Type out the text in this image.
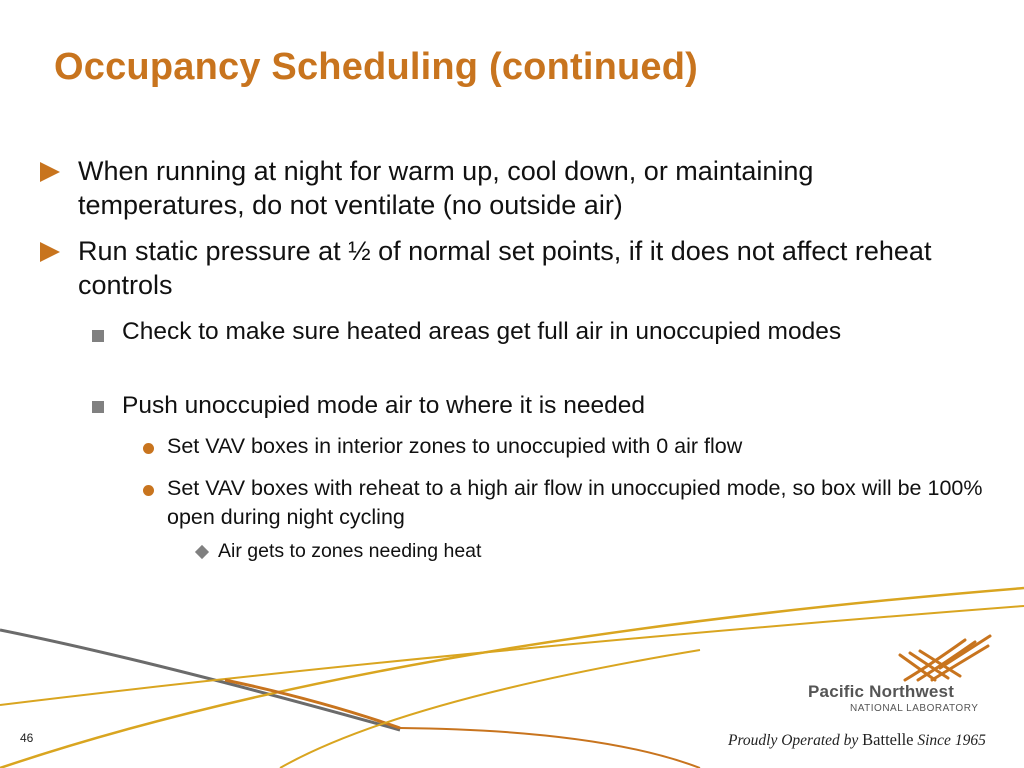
Occupancy Scheduling (continued)
When running at night for warm up, cool down, or maintaining temperatures, do not ventilate (no outside air)
Run static pressure at ½ of normal set points, if it does not affect reheat controls
Check to make sure heated areas get full air in unoccupied modes
Push unoccupied mode air to where it is needed
Set VAV boxes in interior zones to unoccupied with 0 air flow
Set VAV boxes with reheat to a high air flow in unoccupied mode, so box will be 100% open during night cycling
Air gets to zones needing heat
46
Pacific Northwest
NATIONAL LABORATORY
Proudly Operated by Battelle Since 1965
